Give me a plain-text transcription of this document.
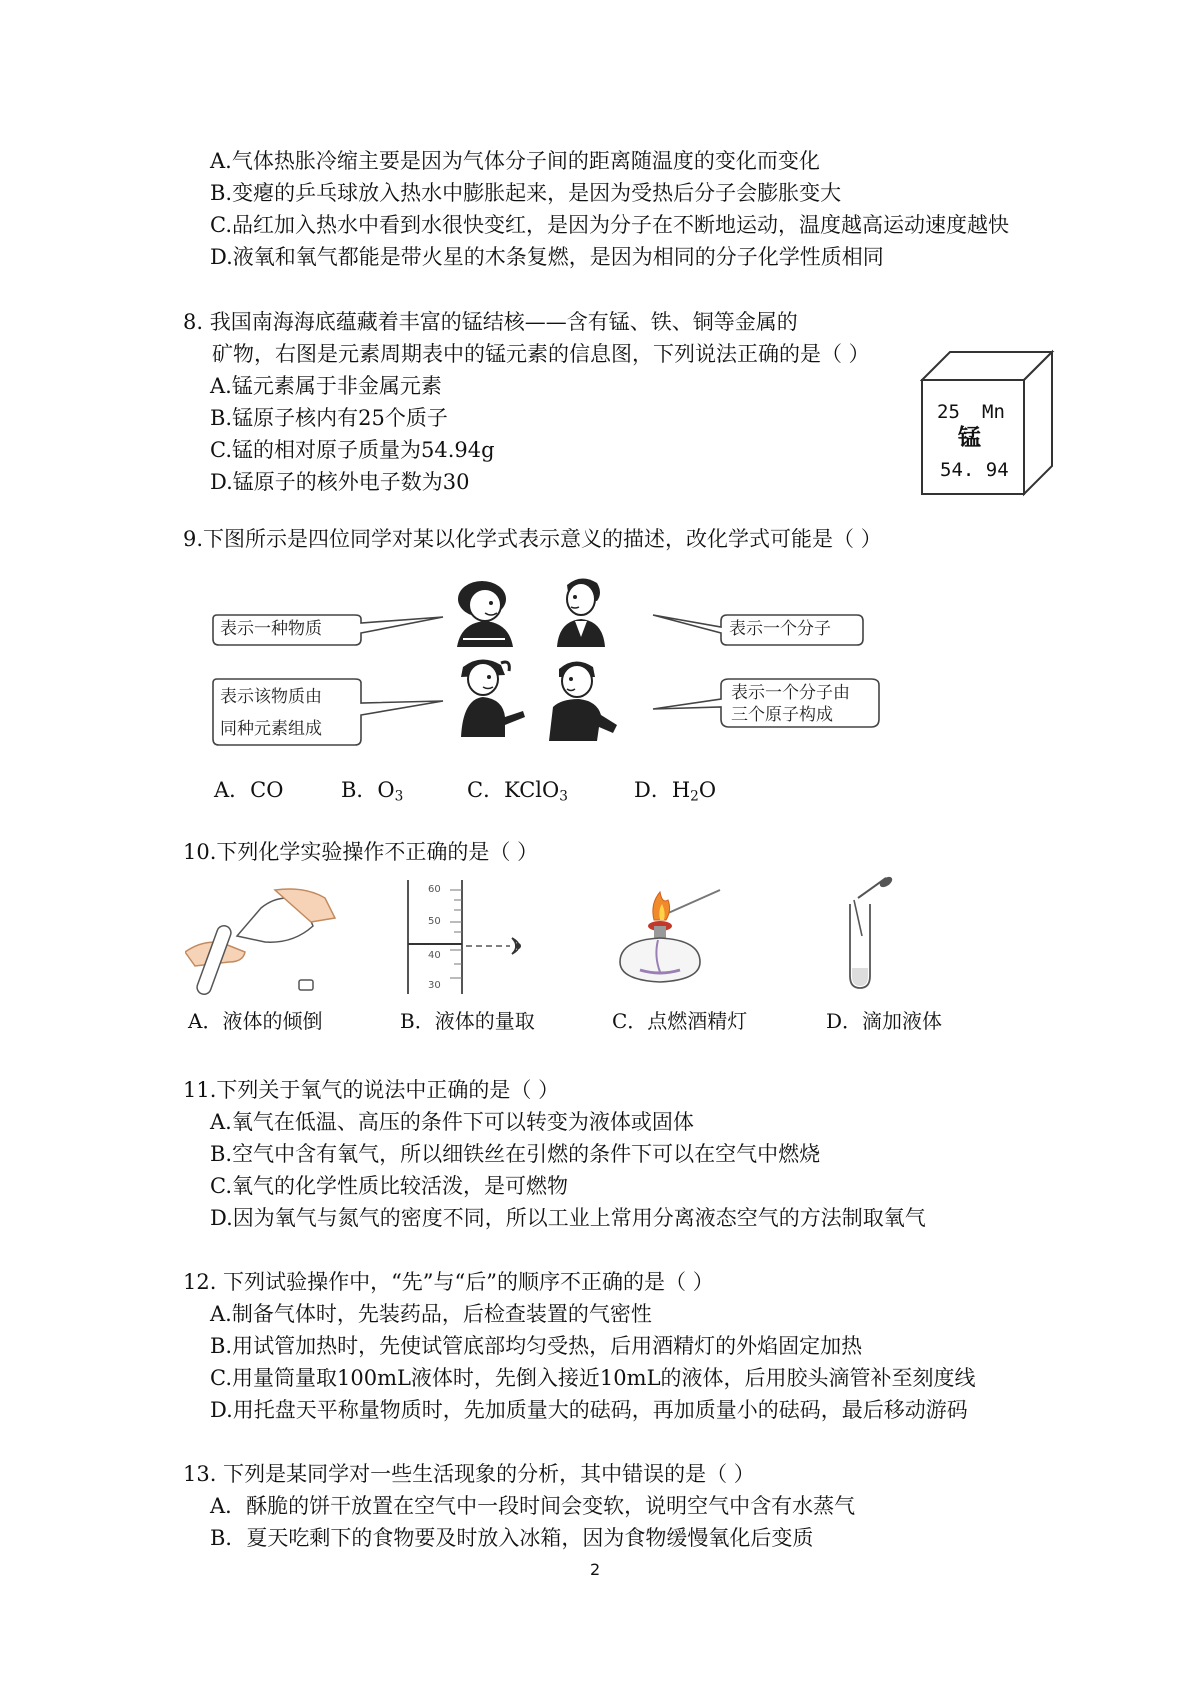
A.气体热胀冷缩主要是因为气体分子间的距离随温度的变化而变化
B.变瘪的乒乓球放入热水中膨胀起来，是因为受热后分子会膨胀变大
C.品红加入热水中看到水很快变红，是因为分子在不断地运动，温度越高运动速度越快
D.液氧和氧气都能是带火星的木条复燃，是因为相同的分子化学性质相同
8. 我国南海海底蕴藏着丰富的锰结核——含有锰、铁、铜等金属的
矿物，右图是元素周期表中的锰元素的信息图，下列说法正确的是（ ）
A.锰元素属于非金属元素
B.锰原子核内有25个质子
C.锰的相对原子质量为54.94g
D.锰原子的核外电子数为30
25 Mn
锰
54. 94
9.下图所示是四位同学对某以化学式表示意义的描述，改化学式可能是（ ）
表示一种物质	表示一个分子
表示该物质由
同种元素组成
表示一个分子由
三个原子构成
A．CO	B．$O_3$	C．KClO$_3$	D．$H_2O$
10.下列化学实验操作不正确的是（ ）
60
50
40
30
A．液体的倾倒	B．液体的量取	C．点燃酒精灯	D．滴加液体
11.下列关于氧气的说法中正确的是（ ）
A.氧气在低温、高压的条件下可以转变为液体或固体
B.空气中含有氧气，所以细铁丝在引燃的条件下可以在空气中燃烧
C.氧气的化学性质比较活泼，是可燃物
D.因为氧气与氮气的密度不同，所以工业上常用分离液态空气的方法制取氧气
12. 下列试验操作中，“先”与“后”的顺序不正确的是（ ）
A.制备气体时，先装药品，后检查装置的气密性
B.用试管加热时，先使试管底部均匀受热，后用酒精灯的外焰固定加热
C.用量筒量取100mL液体时，先倒入接近10mL的液体，后用胶头滴管补至刻度线
D.用托盘天平称量物质时，先加质量大的砝码，再加质量小的砝码，最后移动游码
13. 下列是某同学对一些生活现象的分析，其中错误的是（ ）
A．酥脆的饼干放置在空气中一段时间会变软，说明空气中含有水蒸气
B．夏天吃剩下的食物要及时放入冰箱，因为食物缓慢氧化后变质
2
